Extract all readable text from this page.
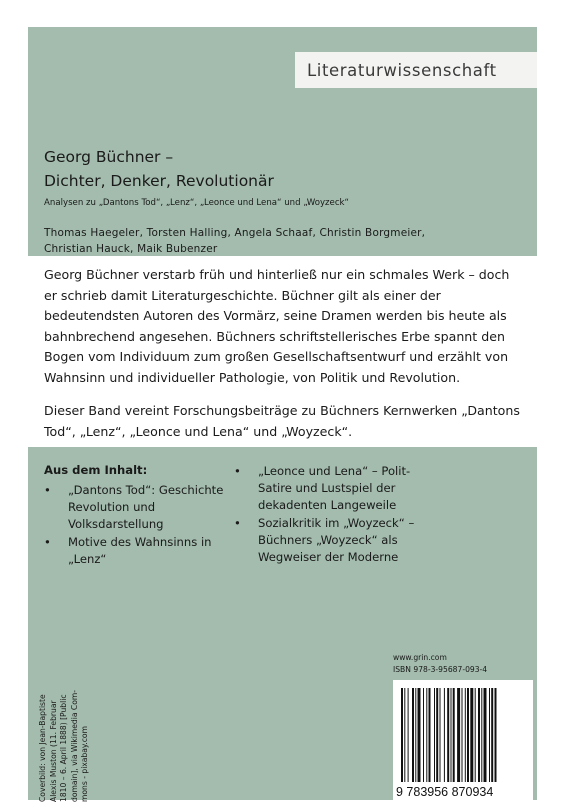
Literaturwissenschaft
Georg Büchner –
Dichter, Denker, Revolutionär
Analysen zu „Dantons Tod“, „Lenz“, „Leonce und Lena“ und „Woyzeck“
Thomas Haegeler, Torsten Halling, Angela Schaaf, Christin Borgmeier,
Christian Hauck, Maik Bubenzer

Georg Büchner verstarb früh und hinterließ nur ein schmales Werk – doch er schrieb damit Literaturgeschichte. Büchner gilt als einer der bedeutendsten Autoren des Vormärz, seine Dramen werden bis heute als bahnbrechend angesehen. Büchners schriftstellerisches Erbe spannt den Bogen vom Individuum zum großen Gesellschaftsentwurf und erzählt von Wahnsinn und individueller Pathologie, von Politik und Revolution.

Dieser Band vereint Forschungsbeiträge zu Büchners Kernwerken „Dantons Tod“, „Lenz“, „Leonce und Lena“ und „Woyzeck“.

Aus dem Inhalt:
• „Dantons Tod“: Geschichte Revolution und Volksdarstellung
• Motive des Wahnsinns in „Lenz“
• „Leonce und Lena“ – Polit-Satire und Lustspiel der dekadenten Langeweile
• Sozialkritik im „Woyzeck“ – Büchners „Woyzeck“ als Wegweiser der Moderne
Coverbild: von Jean-Baptiste Alexis Muston (11. Februar 1810 – 6. April 1888) [Public domain], via Wikimedia Com- mons - pixabay.com
www.grin.com
ISBN 978-3-95687-093-4
9 783956 870934
